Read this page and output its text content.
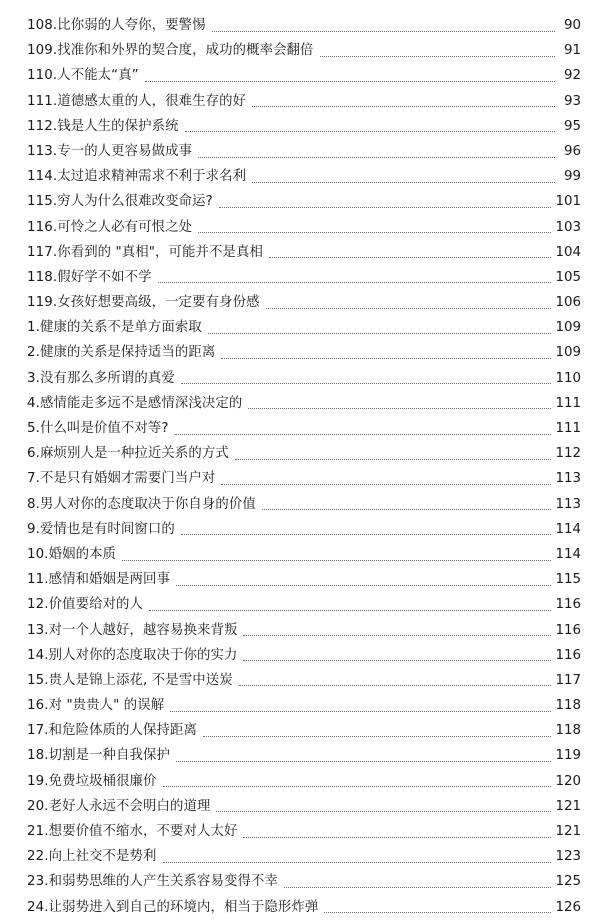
108.比你弱的人夸你，要警惕	90
109.找准你和外界的契合度，成功的概率会翻倍	91
110.人不能太“真”	92
111.道德感太重的人，很难生存的好	93
112.钱是人生的保护系统	95
113.专一的人更容易做成事	96
114.太过追求精神需求不利于求名利	99
115.穷人为什么很难改变命运?	101
116.可怜之人必有可恨之处	103
117.你看到的 "真相"，可能并不是真相	104
118.假好学不如不学	105
119.女孩好想要高级，一定要有身份感	106
1.健康的关系不是单方面索取	109
2.健康的关系是保持适当的距离	109
3.没有那么多所谓的真爱	110
4.感情能走多远不是感情深浅决定的	111
5.什么叫是价值不对等?	111
6.麻烦别人是一种拉近关系的方式	112
7.不是只有婚姻才需要门当户对	113
8.男人对你的态度取决于你自身的价值	113
9.爱情也是有时间窗口的	114
10.婚姻的本质	114
11.感情和婚姻是两回事	115
12.价值要给对的人	116
13.对一个人越好，越容易换来背叛	116
14.别人对你的态度取决于你的实力	116
15.贵人是锦上添花, 不是雪中送炭	117
16.对 "贵贵人" 的误解	118
17.和危险体质的人保持距离	118
18.切割是一种自我保护	119
19.免费垃圾桶很廉价	120
20.老好人永远不会明白的道理	121
21.想要价值不缩水，不要对人太好	121
22.向上社交不是势利	123
23.和弱势思维的人产生关系容易变得不幸	125
24.让弱势进入到自己的环境内，相当于隐形炸弹	126
